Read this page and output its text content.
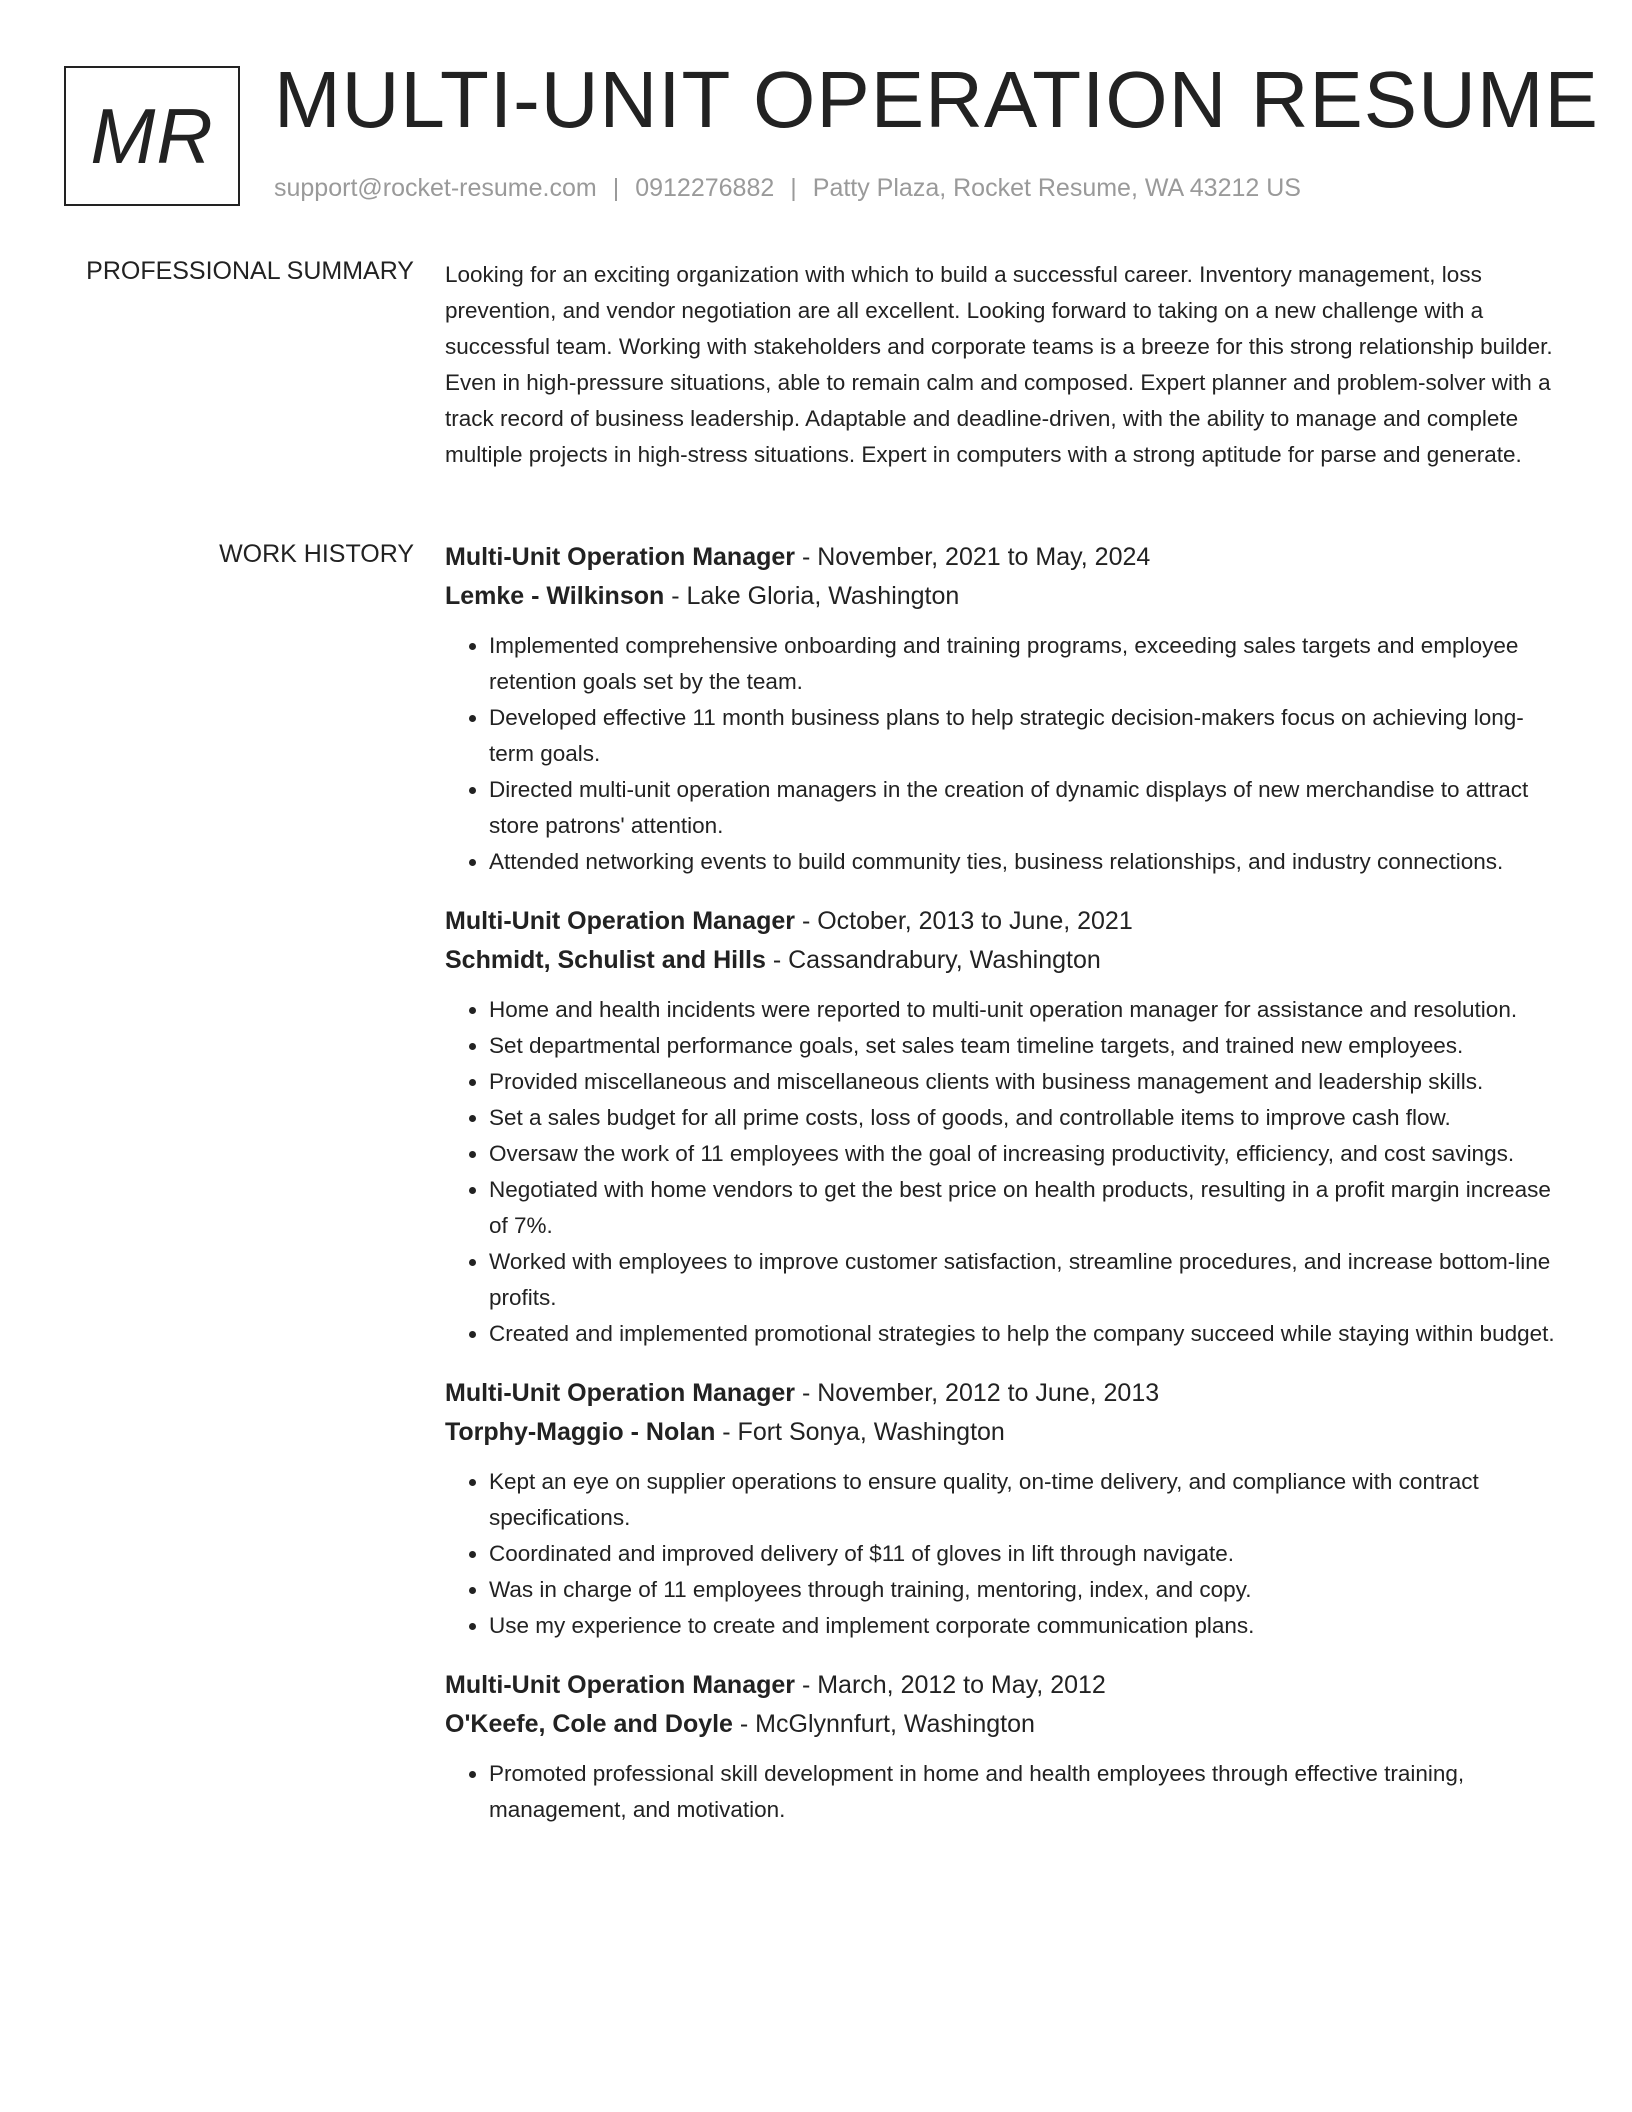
MR MULTI-UNIT OPERATION RESUME
support@rocket-resume.com | 0912276882 | Patty Plaza, Rocket Resume, WA 43212 US
PROFESSIONAL SUMMARY Looking for an exciting organization with which to build a successful career. Inventory management, loss prevention, and vendor negotiation are all excellent. Looking forward to taking on a new challenge with a successful team. Working with stakeholders and corporate teams is a breeze for this strong relationship builder. Even in high-pressure situations, able to remain calm and composed. Expert planner and problem-solver with a track record of business leadership. Adaptable and deadline-driven, with the ability to manage and complete multiple projects in high-stress situations. Expert in computers with a strong aptitude for parse and generate.

WORK HISTORY Multi-Unit Operation Manager - November, 2021 to May, 2024
Lemke - Wilkinson - Lake Gloria, Washington
• Implemented comprehensive onboarding and training programs, exceeding sales targets and employee retention goals set by the team.
• Developed effective 11 month business plans to help strategic decision-makers focus on achieving long-term goals.
• Directed multi-unit operation managers in the creation of dynamic displays of new merchandise to attract store patrons' attention.
• Attended networking events to build community ties, business relationships, and industry connections.
Multi-Unit Operation Manager - October, 2013 to June, 2021
Schmidt, Schulist and Hills - Cassandrabury, Washington
• Home and health incidents were reported to multi-unit operation manager for assistance and resolution.
• Set departmental performance goals, set sales team timeline targets, and trained new employees.
• Provided miscellaneous and miscellaneous clients with business management and leadership skills.
• Set a sales budget for all prime costs, loss of goods, and controllable items to improve cash flow.
• Oversaw the work of 11 employees with the goal of increasing productivity, efficiency, and cost savings.
• Negotiated with home vendors to get the best price on health products, resulting in a profit margin increase of 7%.
• Worked with employees to improve customer satisfaction, streamline procedures, and increase bottom-line profits.
• Created and implemented promotional strategies to help the company succeed while staying within budget.
Multi-Unit Operation Manager - November, 2012 to June, 2013
Torphy-Maggio - Nolan - Fort Sonya, Washington
• Kept an eye on supplier operations to ensure quality, on-time delivery, and compliance with contract specifications.
• Coordinated and improved delivery of $11 of gloves in lift through navigate.
• Was in charge of 11 employees through training, mentoring, index, and copy.
• Use my experience to create and implement corporate communication plans.
Multi-Unit Operation Manager - March, 2012 to May, 2012
O'Keefe, Cole and Doyle - McGlynnfurt, Washington
• Promoted professional skill development in home and health employees through effective training, management, and motivation.
